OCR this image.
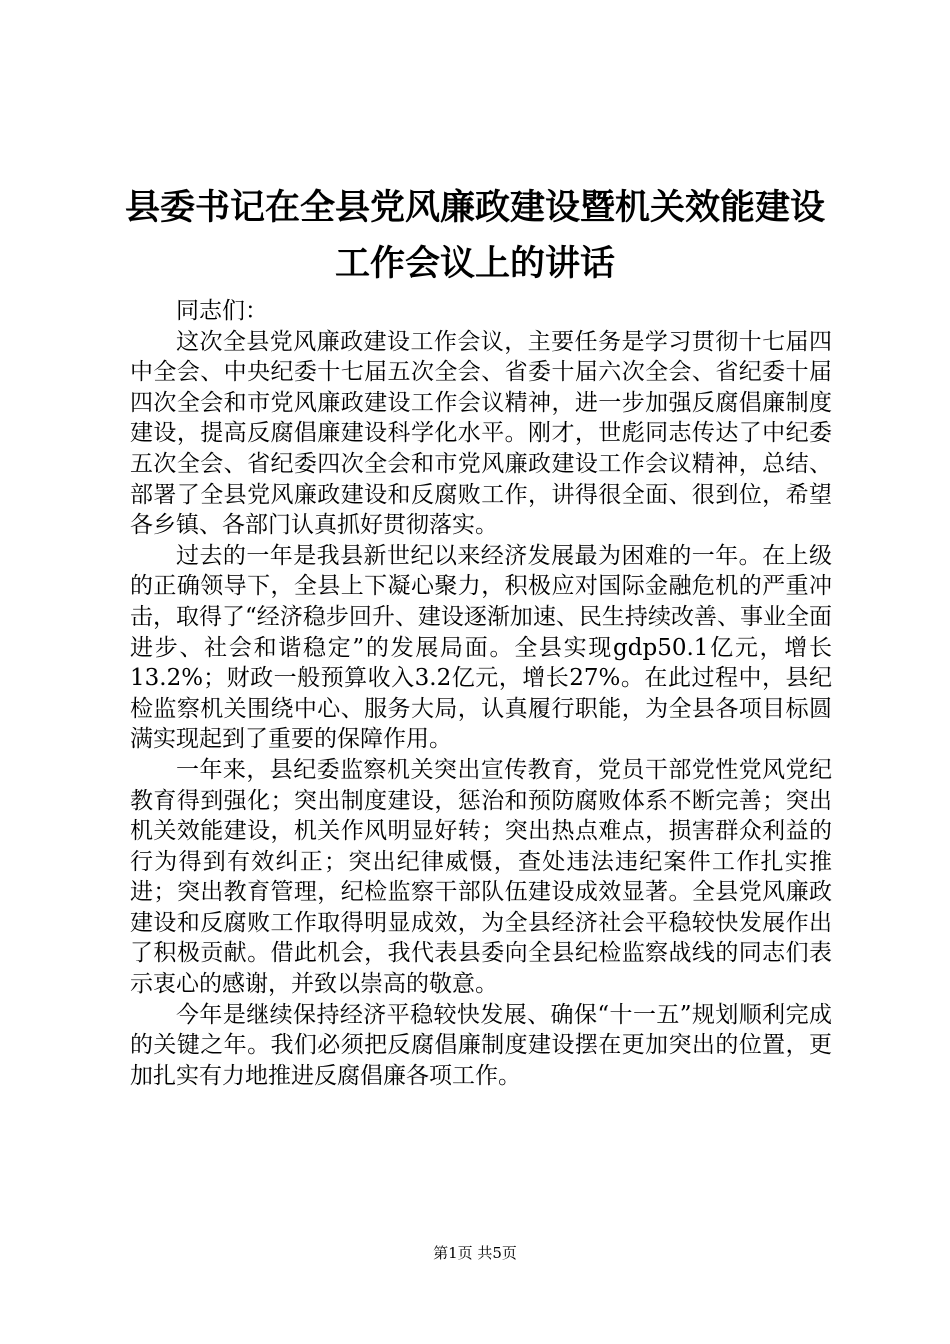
县委书记在全县党风廉政建设暨机关效能建设
工作会议上的讲话

同志们：

这次全县党风廉政建设工作会议，主要任务是学习贯彻十七届四中全会、中央纪委十七届五次全会、省委十届六次全会、省纪委十届四次全会和市党风廉政建设工作会议精神，进一步加强反腐倡廉制度建设，提高反腐倡廉建设科学化水平。刚才，世彪同志传达了中纪委五次全会、省纪委四次全会和市党风廉政建设工作会议精神，总结、部署了全县党风廉政建设和反腐败工作，讲得很全面、很到位，希望各乡镇、各部门认真抓好贯彻落实。

过去的一年是我县新世纪以来经济发展最为困难的一年。在上级的正确领导下，全县上下凝心聚力，积极应对国际金融危机的严重冲击，取得了“经济稳步回升、建设逐渐加速、民生持续改善、事业全面进步、社会和谐稳定”的发展局面。全县实现gdp50.1亿元，增长13.2%；财政一般预算收入3.2亿元，增长27%。在此过程中，县纪检监察机关围绕中心、服务大局，认真履行职能，为全县各项目标圆满实现起到了重要的保障作用。

一年来，县纪委监察机关突出宣传教育，党员干部党性党风党纪教育得到强化；突出制度建设，惩治和预防腐败体系不断完善；突出机关效能建设，机关作风明显好转；突出热点难点，损害群众利益的行为得到有效纠正；突出纪律威慑，查处违法违纪案件工作扎实推进；突出教育管理，纪检监察干部队伍建设成效显著。全县党风廉政建设和反腐败工作取得明显成效，为全县经济社会平稳较快发展作出了积极贡献。借此机会，我代表县委向全县纪检监察战线的同志们表示衷心的感谢，并致以崇高的敬意。

今年是继续保持经济平稳较快发展、确保“十一五”规划顺利完成的关键之年。我们必须把反腐倡廉制度建设摆在更加突出的位置，更加扎实有力地推进反腐倡廉各项工作。

第1页 共5页
